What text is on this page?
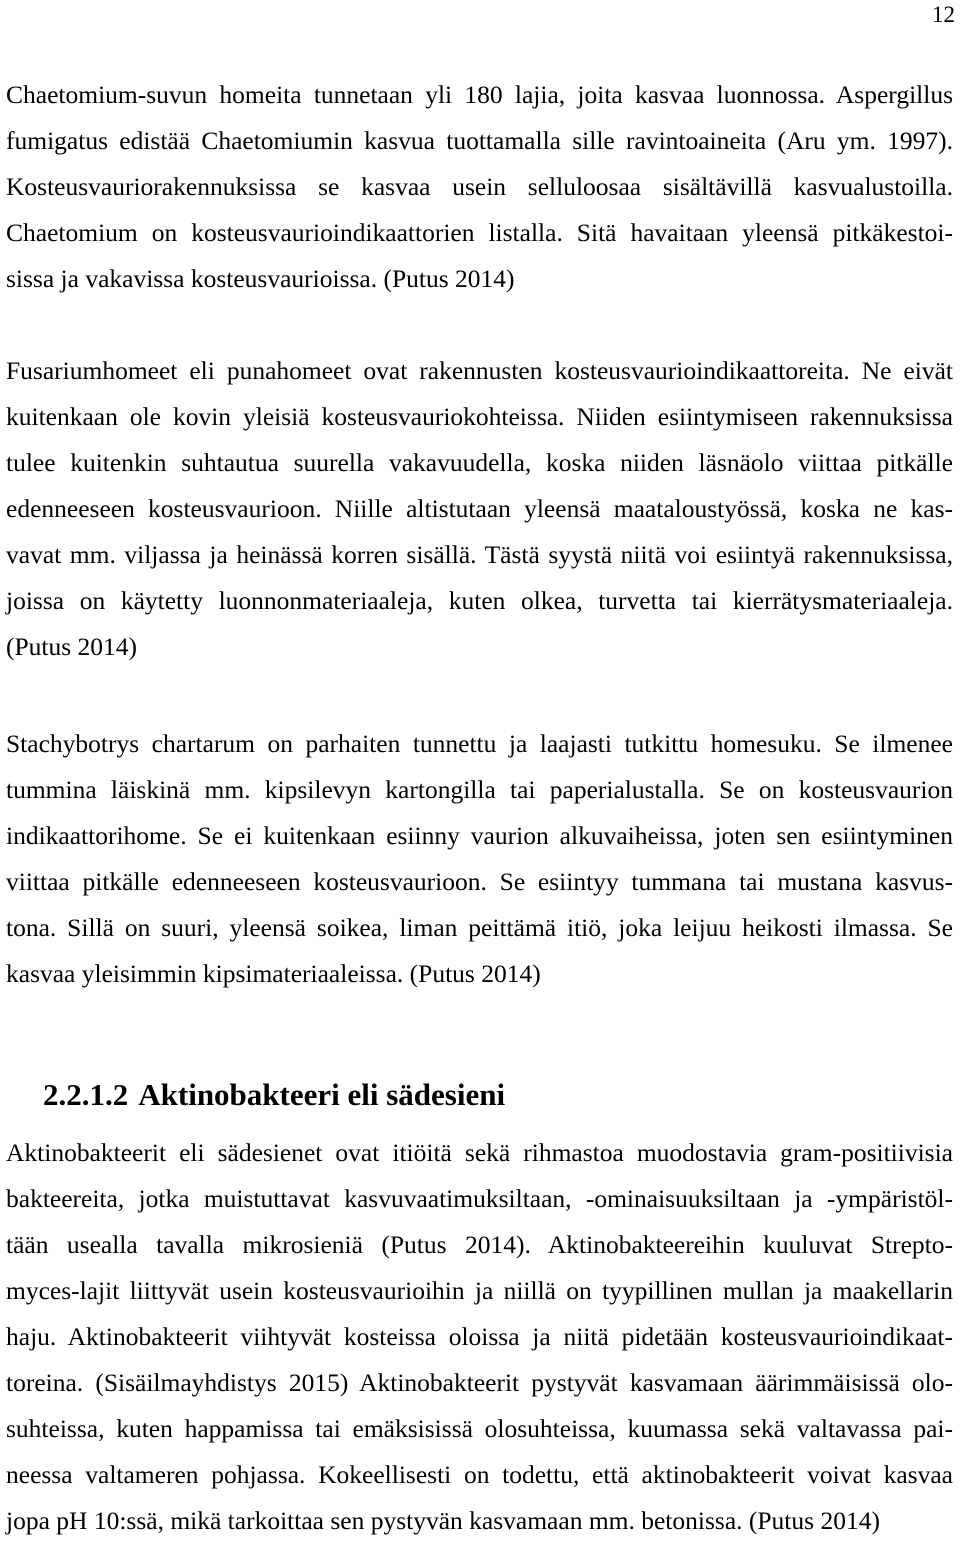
12
Chaetomium-suvun homeita tunnetaan yli 180 lajia, joita kasvaa luonnossa. Aspergillus
fumigatus edistää Chaetomiumin kasvua tuottamalla sille ravintoaineita (Aru ym. 1997).
Kosteusvauriorakennuksissa se kasvaa usein selluloosaa sisältävillä kasvualustoilla.
Chaetomium on kosteusvaurioindikaattorien listalla. Sitä havaitaan yleensä pitkäkestoi-
sissa ja vakavissa kosteusvaurioissa. (Putus 2014)
Fusariumhomeet eli punahomeet ovat rakennusten kosteusvaurioindikaattoreita. Ne eivät
kuitenkaan ole kovin yleisiä kosteusvauriokohteissa. Niiden esiintymiseen rakennuksissa
tulee kuitenkin suhtautua suurella vakavuudella, koska niiden läsnäolo viittaa pitkälle
edenneeseen kosteusvaurioon. Niille altistutaan yleensä maataloustyössä, koska ne kas-
vavat mm. viljassa ja heinässä korren sisällä. Tästä syystä niitä voi esiintyä rakennuksissa,
joissa on käytetty luonnonmateriaaleja, kuten olkea, turvetta tai kierrätysmateriaaleja.
(Putus 2014)
Stachybotrys chartarum on parhaiten tunnettu ja laajasti tutkittu homesuku. Se ilmenee
tummina läiskinä mm. kipsilevyn kartongilla tai paperialustalla. Se on kosteusvaurion
indikaattorihome. Se ei kuitenkaan esiinny vaurion alkuvaiheissa, joten sen esiintyminen
viittaa pitkälle edenneeseen kosteusvaurioon. Se esiintyy tummana tai mustana kasvus-
tona. Sillä on suuri, yleensä soikea, liman peittämä itiö, joka leijuu heikosti ilmassa. Se
kasvaa yleisimmin kipsimateriaaleissa. (Putus 2014)
2.2.1.2 Aktinobakteeri eli sädesieni
Aktinobakteerit eli sädesienet ovat itiöitä sekä rihmastoa muodostavia gram-positiivisia
bakteereita, jotka muistuttavat kasvuvaatimuksiltaan, -ominaisuuksiltaan ja -ympäristöl-
tään usealla tavalla mikrosieniä (Putus 2014). Aktinobakteereihin kuuluvat Strepto-
myces-lajit liittyvät usein kosteusvaurioihin ja niillä on tyypillinen mullan ja maakellarin
haju. Aktinobakteerit viihtyvät kosteissa oloissa ja niitä pidetään kosteusvaurioindikaat-
toreina. (Sisäilmayhdistys 2015) Aktinobakteerit pystyvät kasvamaan äärimmäisissä olo-
suhteissa, kuten happamissa tai emäksisissä olosuhteissa, kuumassa sekä valtavassa pai-
neessa valtameren pohjassa. Kokeellisesti on todettu, että aktinobakteerit voivat kasvaa
jopa pH 10:ssä, mikä tarkoittaa sen pystyvän kasvamaan mm. betonissa. (Putus 2014)
